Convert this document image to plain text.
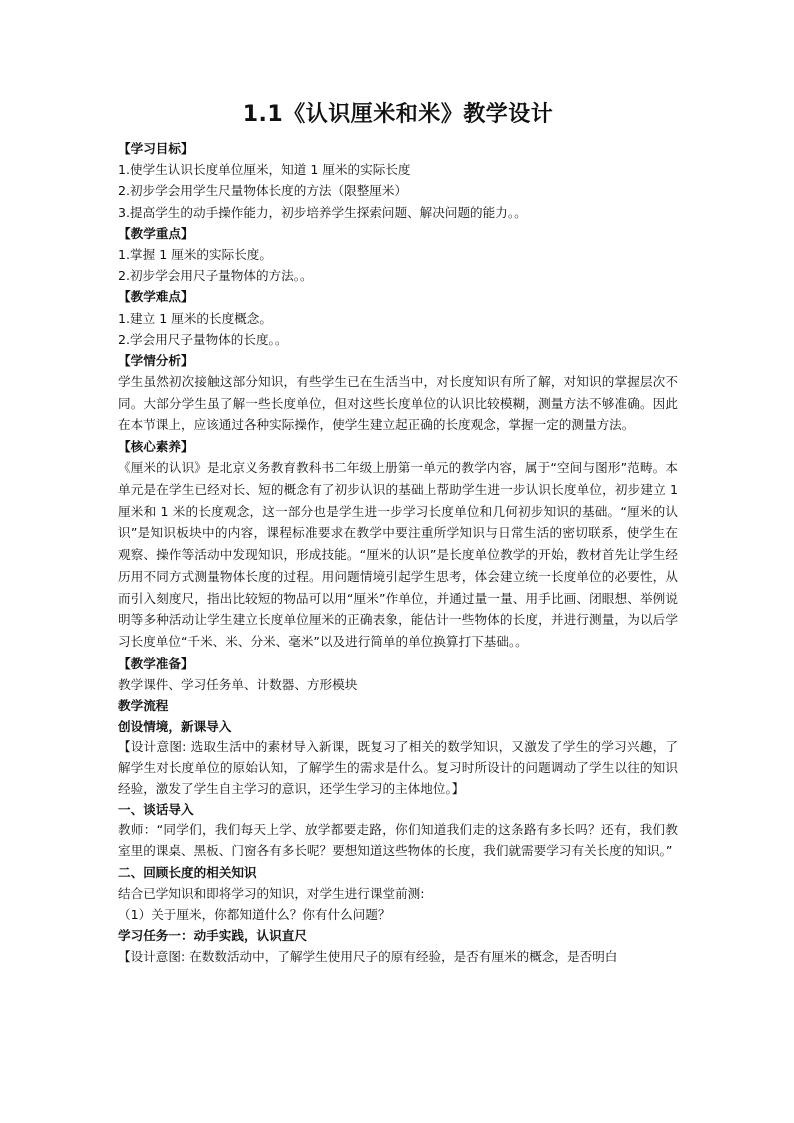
1.1《认识厘米和米》教学设计
【学习目标】
1.使学生认识长度单位厘米，知道 1 厘米的实际长度
2.初步学会用学生尺量物体长度的方法（限整厘米）
3.提高学生的动手操作能力，初步培养学生探索问题、解决问题的能力。。
【教学重点】
1.掌握 1 厘米的实际长度。
2.初步学会用尺子量物体的方法。。
【教学难点】
1.建立 1 厘米的长度概念。
2.学会用尺子量物体的长度。。
【学情分析】

学生虽然初次接触这部分知识，有些学生已在生活当中，对长度知识有所了解，对知识的掌握层次不同。大部分学生虽了解一些长度单位，但对这些长度单位的认识比较模糊，测量方法不够准确。因此在本节课上，应该通过各种实际操作，使学生建立起正确的长度观念，掌握一定的测量方法。

【核心素养】

《厘米的认识》是北京义务教育教科书二年级上册第一单元的教学内容，属于“空间与图形”范畴。本单元是在学生已经对长、短的概念有了初步认识的基础上帮助学生进一步认识长度单位，初步建立 1 厘米和 1 米的长度观念，这一部分也是学生进一步学习长度单位和几何初步知识的基础。“厘米的认识”是知识板块中的内容，课程标准要求在教学中要注重所学知识与日常生活的密切联系，使学生在观察、操作等活动中发现知识，形成技能。“厘米的认识”是长度单位教学的开始，教材首先让学生经历用不同方式测量物体长度的过程。用问题情境引起学生思考，体会建立统一长度单位的必要性，从而引入刻度尺，指出比较短的物品可以用“厘米”作单位，并通过量一量、用手比画、闭眼想、举例说明等多种活动让学生建立长度单位厘米的正确表象，能估计一些物体的长度，并进行测量，为以后学习长度单位“千米、米、分米、毫米”以及进行简单的单位换算打下基础。。

【教学准备】
教学课件、学习任务单、计数器、方形模块
教学流程
创设情境，新课导入

【设计意图: 选取生活中的素材导入新课，既复习了相关的数学知识，又激发了学生的学习兴趣，了解学生对长度单位的原始认知，了解学生的需求是什么。复习时所设计的问题调动了学生以往的知识经验，激发了学生自主学习的意识，还学生学习的主体地位。】

一、谈话导入

教师：“同学们，我们每天上学、放学都要走路，你们知道我们走的这条路有多长吗？还有，我们教室里的课桌、黑板、门窗各有多长呢？要想知道这些物体的长度，我们就需要学习有关长度的知识。”

二、回顾长度的相关知识
结合已学知识和即将学习的知识，对学生进行课堂前测:
（1）关于厘米，你都知道什么？你有什么问题？
学习任务一：动手实践，认识直尺
【设计意图: 在数数活动中，了解学生使用尺子的原有经验，是否有厘米的概念，是否明白
